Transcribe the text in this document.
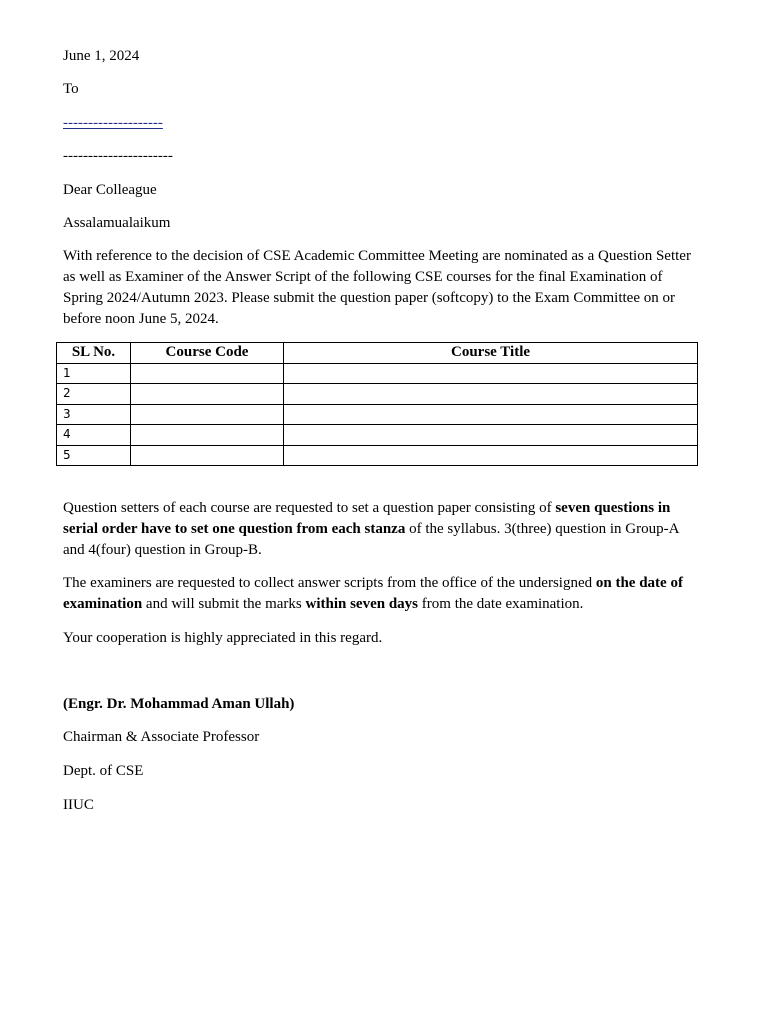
June 1, 2024

To

--------------------

----------------------

Dear Colleague

Assalamualaikum

With reference to the decision of CSE Academic Committee Meeting are nominated as a Question Setter as well as Examiner of the Answer Script of the following CSE courses for the final Examination of Spring 2024/Autumn 2023. Please submit the question paper (softcopy) to the Exam Committee on or before noon June 5, 2024.

SL No.	Course Code	Course Title
1		
2		
3		
4		
5		

Question setters of each course are requested to set a question paper consisting of seven questions in serial order have to set one question from each stanza of the syllabus. 3(three) question in Group-A and 4(four) question in Group-B.

The examiners are requested to collect answer scripts from the office of the undersigned on the date of examination and will submit the marks within seven days from the date examination.

Your cooperation is highly appreciated in this regard.

(Engr. Dr. Mohammad Aman Ullah)

Chairman & Associate Professor

Dept. of CSE

IIUC
